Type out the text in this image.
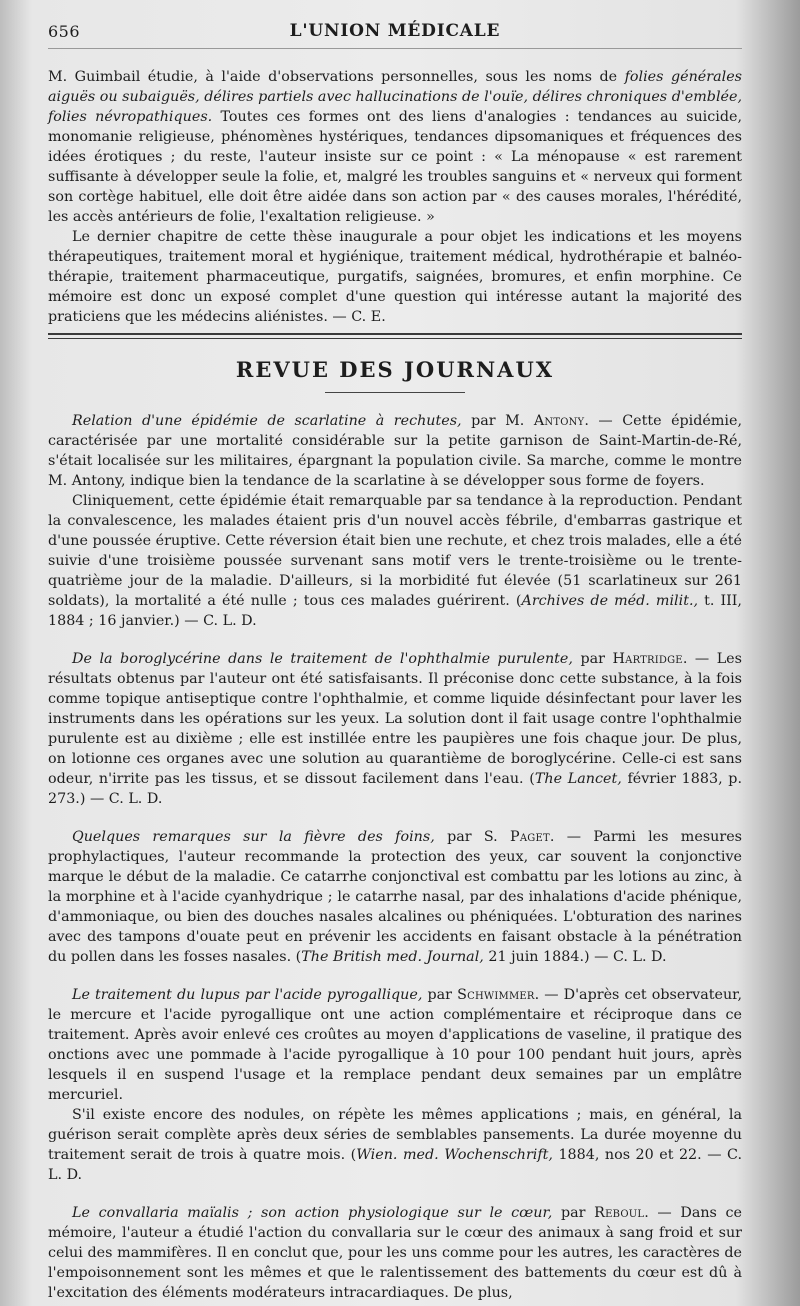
656	L'UNION MÉDICALE

M. Guimbail étudie, à l'aide d'observations personnelles, sous les noms de folies générales aiguës ou subaiguës, délires partiels avec hallucinations de l'ouïe, délires chroniques d'emblée, folies névropathiques. Toutes ces formes ont des liens d'analogies : tendances au suicide, monomanie religieuse, phénomènes hystériques, tendances dipsomaniques et fréquences des idées érotiques ; du reste, l'auteur insiste sur ce point : « La ménopause « est rarement suffisante à développer seule la folie, et, malgré les troubles sanguins et « nerveux qui forment son cortège habituel, elle doit être aidée dans son action par « des causes morales, l'hérédité, les accès antérieurs de folie, l'exaltation religieuse. »

Le dernier chapitre de cette thèse inaugurale a pour objet les indications et les moyens thérapeutiques, traitement moral et hygiénique, traitement médical, hydrothérapie et balnéo-thérapie, traitement pharmaceutique, purgatifs, saignées, bromures, et enfin morphine. Ce mémoire est donc un exposé complet d'une question qui intéresse autant la majorité des praticiens que les médecins aliénistes. — C. E.

REVUE DES JOURNAUX

Relation d'une épidémie de scarlatine à rechutes, par M. Antony. — Cette épidémie, caractérisée par une mortalité considérable sur la petite garnison de Saint-Martin-de-Ré, s'était localisée sur les militaires, épargnant la population civile. Sa marche, comme le montre M. Antony, indique bien la tendance de la scarlatine à se développer sous forme de foyers.

Cliniquement, cette épidémie était remarquable par sa tendance à la reproduction. Pendant la convalescence, les malades étaient pris d'un nouvel accès fébrile, d'embarras gastrique et d'une poussée éruptive. Cette réversion était bien une rechute, et chez trois malades, elle a été suivie d'une troisième poussée survenant sans motif vers le trente-troisième ou le trente-quatrième jour de la maladie. D'ailleurs, si la morbidité fut élevée (51 scarlatineux sur 261 soldats), la mortalité a été nulle ; tous ces malades guérirent. (Archives de méd. milit., t. III, 1884 ; 16 janvier.) — C. L. D.

De la boroglycérine dans le traitement de l'ophthalmie purulente, par Hartridge. — Les résultats obtenus par l'auteur ont été satisfaisants. Il préconise donc cette substance, à la fois comme topique antiseptique contre l'ophthalmie, et comme liquide désinfectant pour laver les instruments dans les opérations sur les yeux. La solution dont il fait usage contre l'ophthalmie purulente est au dixième ; elle est instillée entre les paupières une fois chaque jour. De plus, on lotionne ces organes avec une solution au quarantième de boroglycérine. Celle-ci est sans odeur, n'irrite pas les tissus, et se dissout facilement dans l'eau. (The Lancet, février 1883, p. 273.) — C. L. D.

Quelques remarques sur la fièvre des foins, par S. Paget. — Parmi les mesures prophylactiques, l'auteur recommande la protection des yeux, car souvent la conjonctive marque le début de la maladie. Ce catarrhe conjonctival est combattu par les lotions au zinc, à la morphine et à l'acide cyanhydrique ; le catarrhe nasal, par des inhalations d'acide phénique, d'ammoniaque, ou bien des douches nasales alcalines ou phéniquées. L'obturation des narines avec des tampons d'ouate peut en prévenir les accidents en faisant obstacle à la pénétration du pollen dans les fosses nasales. (The British med. Journal, 21 juin 1884.) — C. L. D.

Le traitement du lupus par l'acide pyrogallique, par Schwimmer. — D'après cet observateur, le mercure et l'acide pyrogallique ont une action complémentaire et réciproque dans ce traitement. Après avoir enlevé ces croûtes au moyen d'applications de vaseline, il pratique des onctions avec une pommade à l'acide pyrogallique à 10 pour 100 pendant huit jours, après lesquels il en suspend l'usage et la remplace pendant deux semaines par un emplâtre mercuriel.

S'il existe encore des nodules, on répète les mêmes applications ; mais, en général, la guérison serait complète après deux séries de semblables pansements. La durée moyenne du traitement serait de trois à quatre mois. (Wien. med. Wochenschrift, 1884, nos 20 et 22. — C. L. D.

Le convallaria maïalis ; son action physiologique sur le cœur, par Reboul. — Dans ce mémoire, l'auteur a étudié l'action du convallaria sur le cœur des animaux à sang froid et sur celui des mammifères. Il en conclut que, pour les uns comme pour les autres, les caractères de l'empoisonnement sont les mêmes et que le ralentissement des battements du cœur est dû à l'excitation des éléments modérateurs intracardiaques. De plus,
